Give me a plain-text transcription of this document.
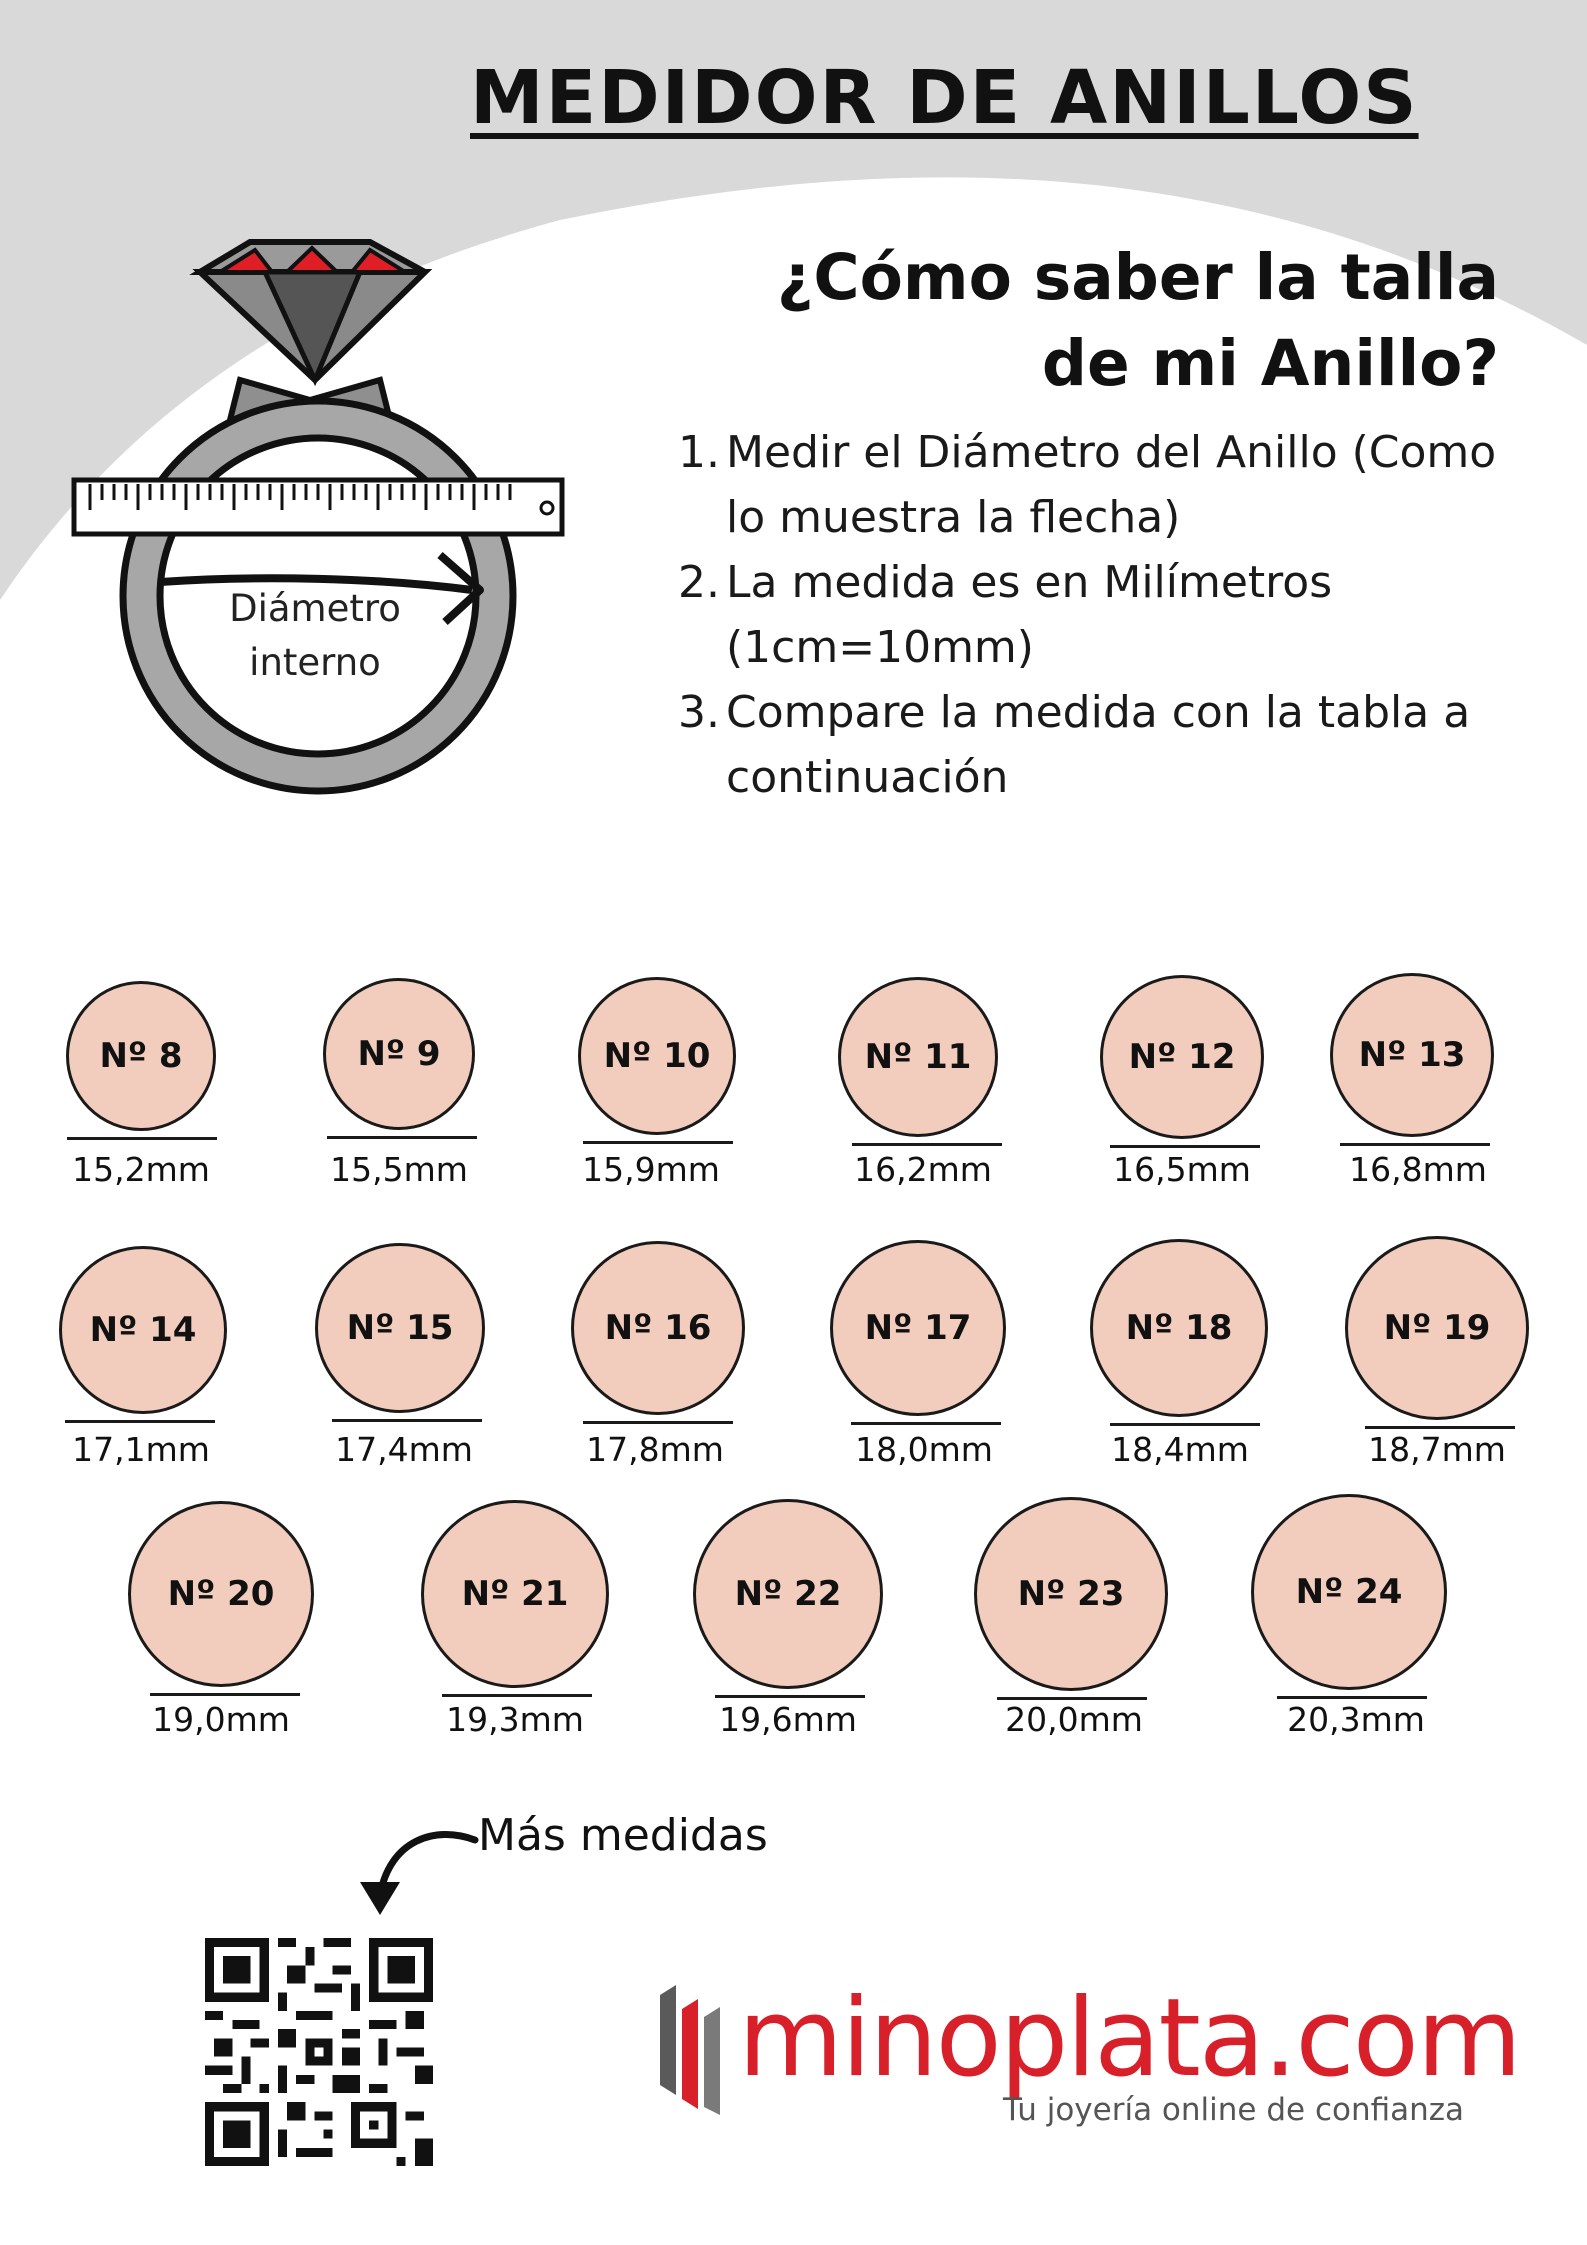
MEDIDOR DE ANILLOS
¿Cómo saber la talla
de mi Anillo?
1. Medir el Diámetro del Anillo (Como lo muestra la flecha)
2. La medida es en Milímetros (1cm=10mm)
3. Compare la medida con la tabla a continuación
Diámetro
interno
Nº 8
15,2mm
Nº 9
15,5mm
Nº 10
15,9mm
Nº 11
16,2mm
Nº 12
16,5mm
Nº 13
16,8mm
Nº 14
17,1mm
Nº 15
17,4mm
Nº 16
17,8mm
Nº 17
18,0mm
Nº 18
18,4mm
Nº 19
18,7mm
Nº 20
19,0mm
Nº 21
19,3mm
Nº 22
19,6mm
Nº 23
20,0mm
Nº 24
20,3mm
Más medidas
minoplata.com
Tu joyería online de confianza
